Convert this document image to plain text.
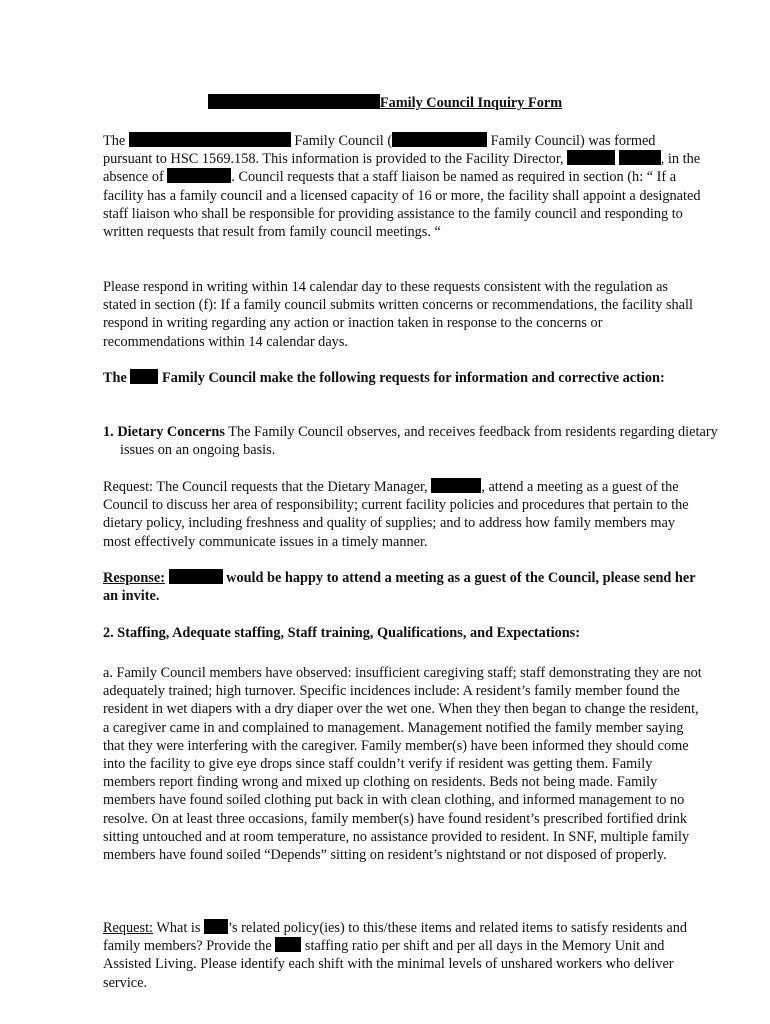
Family Council Inquiry Form

The	Family Council (	Family Council) was formed pursuant to HSC 1569.158. This information is provided to the Facility Director,	, in the absence of	. Council requests that a staff liaison be named as required in section (h: “ If a facility has a family council and a licensed capacity of 16 or more, the facility shall appoint a designated staff liaison who shall be responsible for providing assistance to the family council and responding to written requests that result from family council meetings. “

Please respond in writing within 14 calendar day to these requests consistent with the regulation as stated in section (f): If a family council submits written concerns or recommendations, the facility shall respond in writing regarding any action or inaction taken in response to the concerns or recommendations within 14 calendar days.

The Family Council make the following requests for information and corrective action:

1. Dietary Concerns The Family Council observes, and receives feedback from residents regarding dietary issues on an ongoing basis.

Request: The Council requests that the Dietary Manager,	, attend a meeting as a guest of the Council to discuss her area of responsibility; current facility policies and procedures that pertain to the dietary policy, including freshness and quality of supplies; and to address how family members may most effectively communicate issues in a timely manner.

Response:	would be happy to attend a meeting as a guest of the Council, please send her an invite.

2. Staffing, Adequate staffing, Staff training, Qualifications, and Expectations:

a. Family Council members have observed: insufficient caregiving staff; staff demonstrating they are not adequately trained; high turnover. Specific incidences include: A resident’s family member found the resident in wet diapers with a dry diaper over the wet one. When they then began to change the resident, a caregiver came in and complained to management. Management notified the family member saying that they were interfering with the caregiver. Family member(s) have been informed they should come into the facility to give eye drops since staff couldn’t verify if resident was getting them. Family members report finding wrong and mixed up clothing on residents. Beds not being made. Family members have found soiled clothing put back in with clean clothing, and informed management to no resolve. On at least three occasions, family member(s) have found resident’s prescribed fortified drink sitting untouched and at room temperature, no assistance provided to resident. In SNF, multiple family members have found soiled “Depends” sitting on resident’s nightstand or not disposed of properly.

Request: What is ’s related policy(ies) to this/these items and related items to satisfy residents and family members? Provide the staffing ratio per shift and per all days in the Memory Unit and Assisted Living. Please identify each shift with the minimal levels of unshared workers who deliver service.
